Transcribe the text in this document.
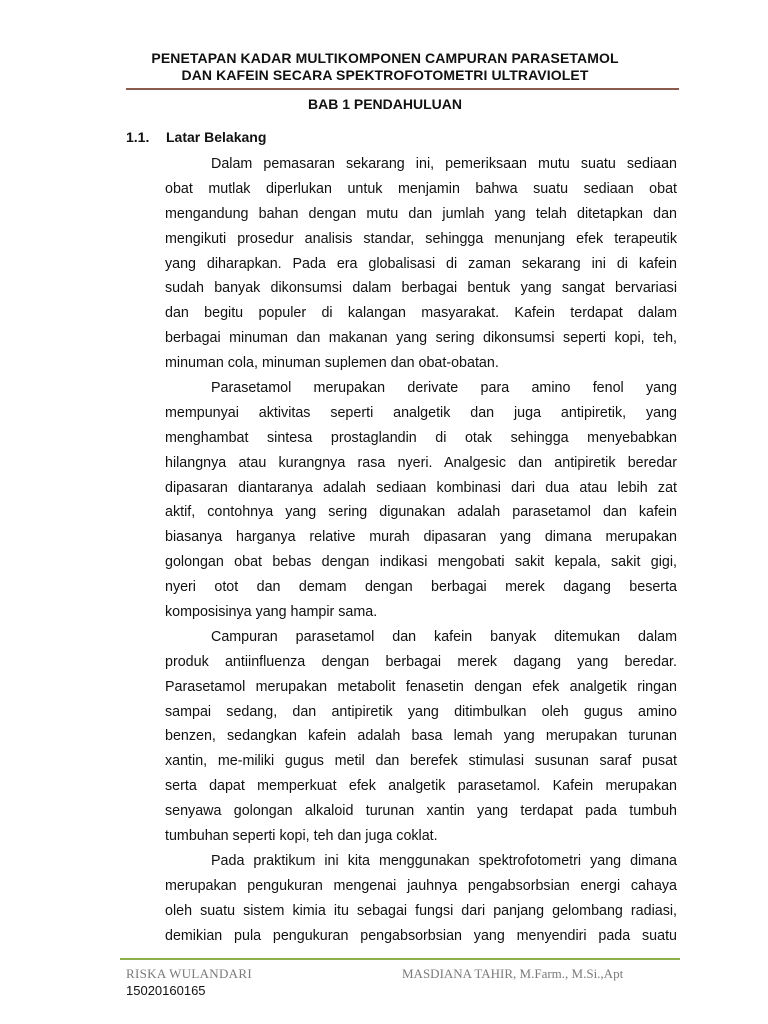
PENETAPAN KADAR MULTIKOMPONEN CAMPURAN PARASETAMOL
DAN KAFEIN SECARA SPEKTROFOTOMETRI ULTRAVIOLET
BAB 1 PENDAHULUAN
1.1. Latar Belakang
Dalam pemasaran sekarang ini, pemeriksaan mutu suatu sediaan
obat mutlak diperlukan untuk menjamin bahwa suatu sediaan obat
mengandung bahan dengan mutu dan jumlah yang telah ditetapkan dan
mengikuti prosedur analisis standar, sehingga menunjang efek terapeutik
yang diharapkan. Pada era globalisasi di zaman sekarang ini di kafein
sudah banyak dikonsumsi dalam berbagai bentuk yang sangat bervariasi
dan begitu populer di kalangan masyarakat. Kafein terdapat dalam
berbagai minuman dan makanan yang sering dikonsumsi seperti kopi, teh,
minuman cola, minuman suplemen dan obat-obatan.
Parasetamol merupakan derivate para amino fenol yang
mempunyai aktivitas seperti analgetik dan juga antipiretik, yang
menghambat sintesa prostaglandin di otak sehingga menyebabkan
hilangnya atau kurangnya rasa nyeri. Analgesic dan antipiretik beredar
dipasaran diantaranya adalah sediaan kombinasi dari dua atau lebih zat
aktif, contohnya yang sering digunakan adalah parasetamol dan kafein
biasanya harganya relative murah dipasaran yang dimana merupakan
golongan obat bebas dengan indikasi mengobati sakit kepala, sakit gigi,
nyeri otot dan demam dengan berbagai merek dagang beserta
komposisinya yang hampir sama.
Campuran parasetamol dan kafein banyak ditemukan dalam
produk antiinfluenza dengan berbagai merek dagang yang beredar.
Parasetamol merupakan metabolit fenasetin dengan efek analgetik ringan
sampai sedang, dan antipiretik yang ditimbulkan oleh gugus amino
benzen, sedangkan kafein adalah basa lemah yang merupakan turunan
xantin, me-miliki gugus metil dan berefek stimulasi susunan saraf pusat
serta dapat memperkuat efek analgetik parasetamol. Kafein merupakan
senyawa golongan alkaloid turunan xantin yang terdapat pada tumbuh
tumbuhan seperti kopi, teh dan juga coklat.
Pada praktikum ini kita menggunakan spektrofotometri yang dimana
merupakan pengukuran mengenai jauhnya pengabsorbsian energi cahaya
oleh suatu sistem kimia itu sebagai fungsi dari panjang gelombang radiasi,
demikian pula pengukuran pengabsorbsian yang menyendiri pada suatu
RISKA WULANDARI
15020160165
MASDIANA TAHIR, M.Farm., M.Si.,Apt
